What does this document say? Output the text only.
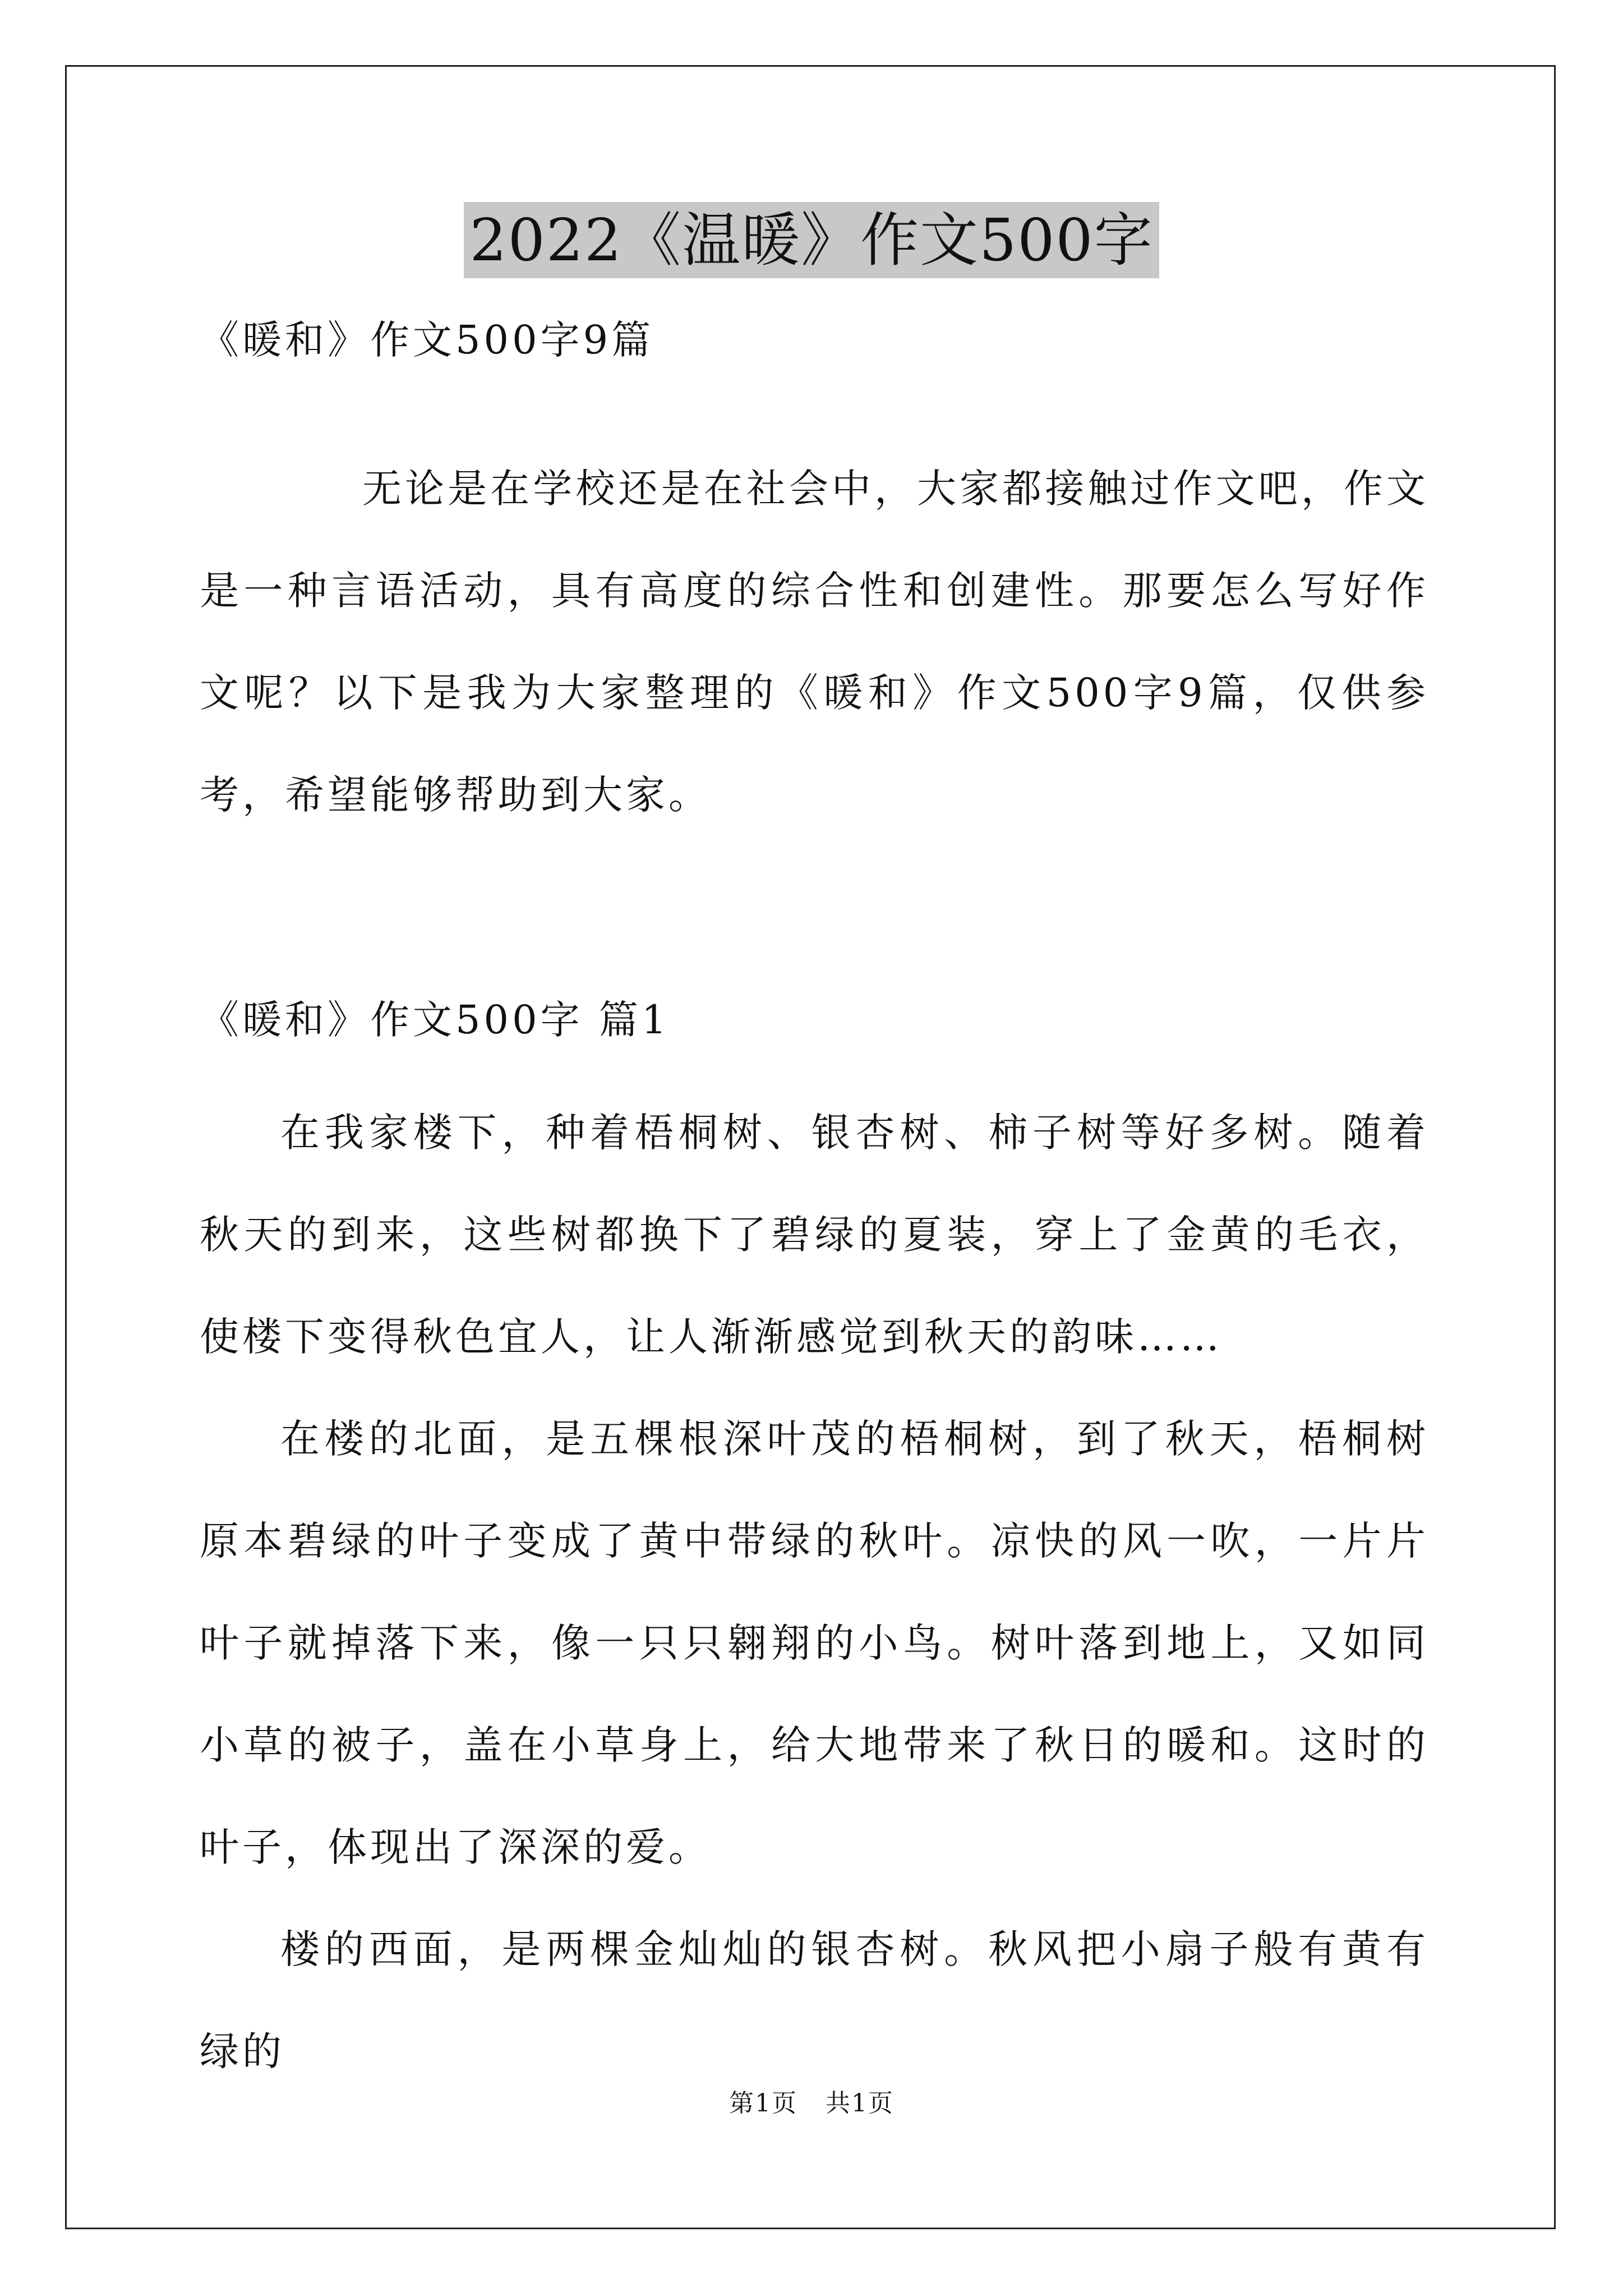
2022《温暖》作文500字
《暖和》作文500字9篇

无论是在学校还是在社会中，大家都接触过作文吧，作文是一种言语活动，具有高度的综合性和创建性。那要怎么写好作文呢？以下是我为大家整理的《暖和》作文500字9篇，仅供参考，希望能够帮助到大家。

《暖和》作文500字 篇1

在我家楼下，种着梧桐树、银杏树、柿子树等好多树。随着秋天的到来，这些树都换下了碧绿的夏装，穿上了金黄的毛衣，使楼下变得秋色宜人，让人渐渐感觉到秋天的韵味……

在楼的北面，是五棵根深叶茂的梧桐树，到了秋天，梧桐树原本碧绿的叶子变成了黄中带绿的秋叶。凉快的风一吹，一片片叶子就掉落下来，像一只只翱翔的小鸟。树叶落到地上，又如同小草的被子，盖在小草身上，给大地带来了秋日的暖和。这时的叶子，体现出了深深的爱。

楼的西面，是两棵金灿灿的银杏树。秋风把小扇子般有黄有绿的

第1页 共1页
